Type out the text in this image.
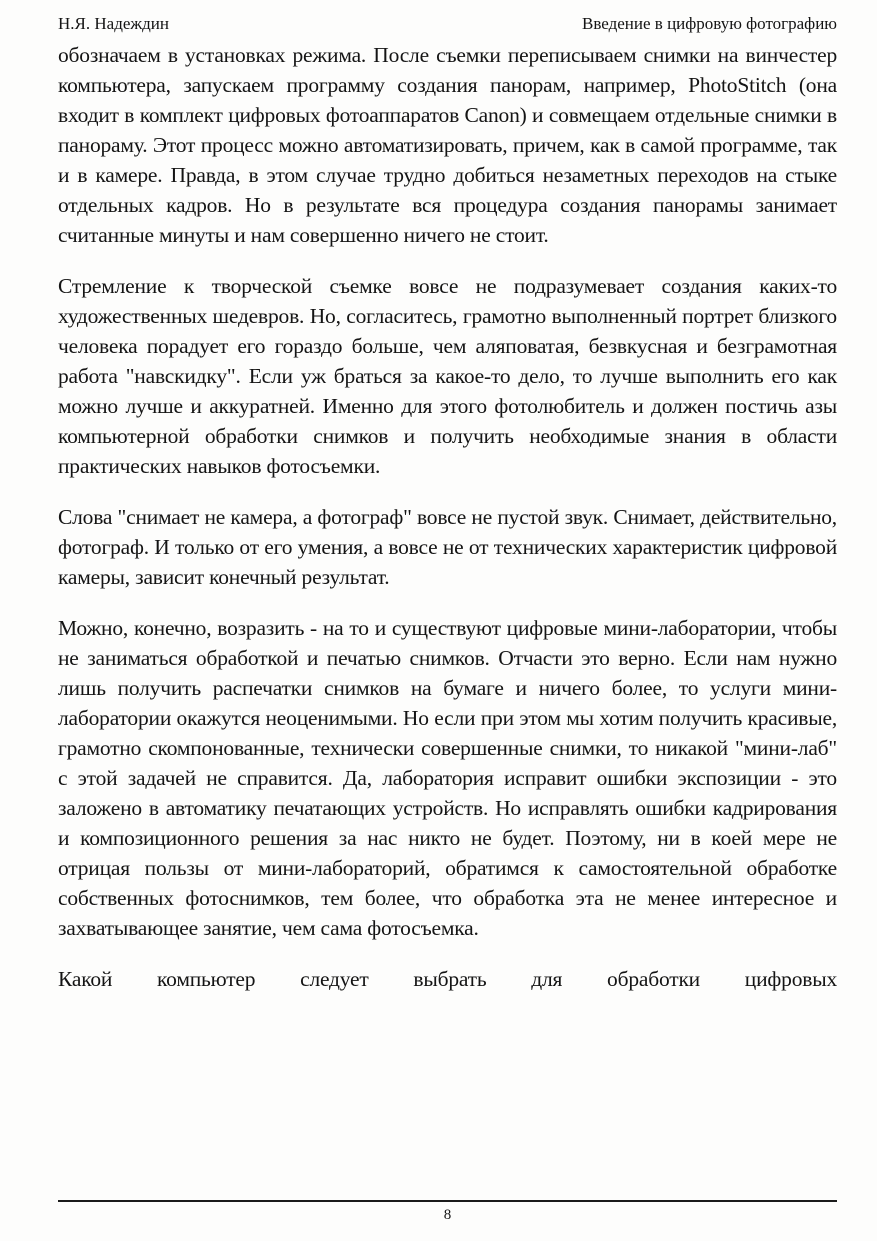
Н.Я. Надеждин	Введение в цифровую фотографию

обозначаем в установках режима. После съемки переписываем снимки на винчестер компьютера, запускаем программу создания панорам, например, PhotoStitch (она входит в комплект цифровых фотоаппаратов Canon) и совмещаем отдельные снимки в панораму. Этот процесс можно автоматизировать, причем, как в самой программе, так и в камере. Правда, в этом случае трудно добиться незаметных переходов на стыке отдельных кадров. Но в результате вся процедура создания панорамы занимает считанные минуты и нам совершенно ничего не стоит.

Стремление к творческой съемке вовсе не подразумевает создания каких-то художественных шедевров. Но, согласитесь, грамотно выполненный портрет близкого человека порадует его гораздо больше, чем аляповатая, безвкусная и безграмотная работа "навскидку". Если уж браться за какое-то дело, то лучше выполнить его как можно лучше и аккуратней. Именно для этого фотолюбитель и должен постичь азы компьютерной обработки снимков и получить необходимые знания в области практических навыков фотосъемки.

Слова "снимает не камера, а фотограф" вовсе не пустой звук. Снимает, действительно, фотограф. И только от его умения, а вовсе не от технических характеристик цифровой камеры, зависит конечный результат.

Можно, конечно, возразить - на то и существуют цифровые мини-лаборатории, чтобы не заниматься обработкой и печатью снимков. Отчасти это верно. Если нам нужно лишь получить распечатки снимков на бумаге и ничего более, то услуги мини-лаборатории окажутся неоценимыми. Но если при этом мы хотим получить красивые, грамотно скомпонованные, технически совершенные снимки, то никакой "мини-лаб" с этой задачей не справится. Да, лаборатория исправит ошибки экспозиции - это заложено в автоматику печатающих устройств. Но исправлять ошибки кадрирования и композиционного решения за нас никто не будет. Поэтому, ни в коей мере не отрицая пользы от мини-лабораторий, обратимся к самостоятельной обработке собственных фотоснимков, тем более, что обработка эта не менее интересное и захватывающее занятие, чем сама фотосъемка.

Какой компьютер следует выбрать для обработки цифровых

8
